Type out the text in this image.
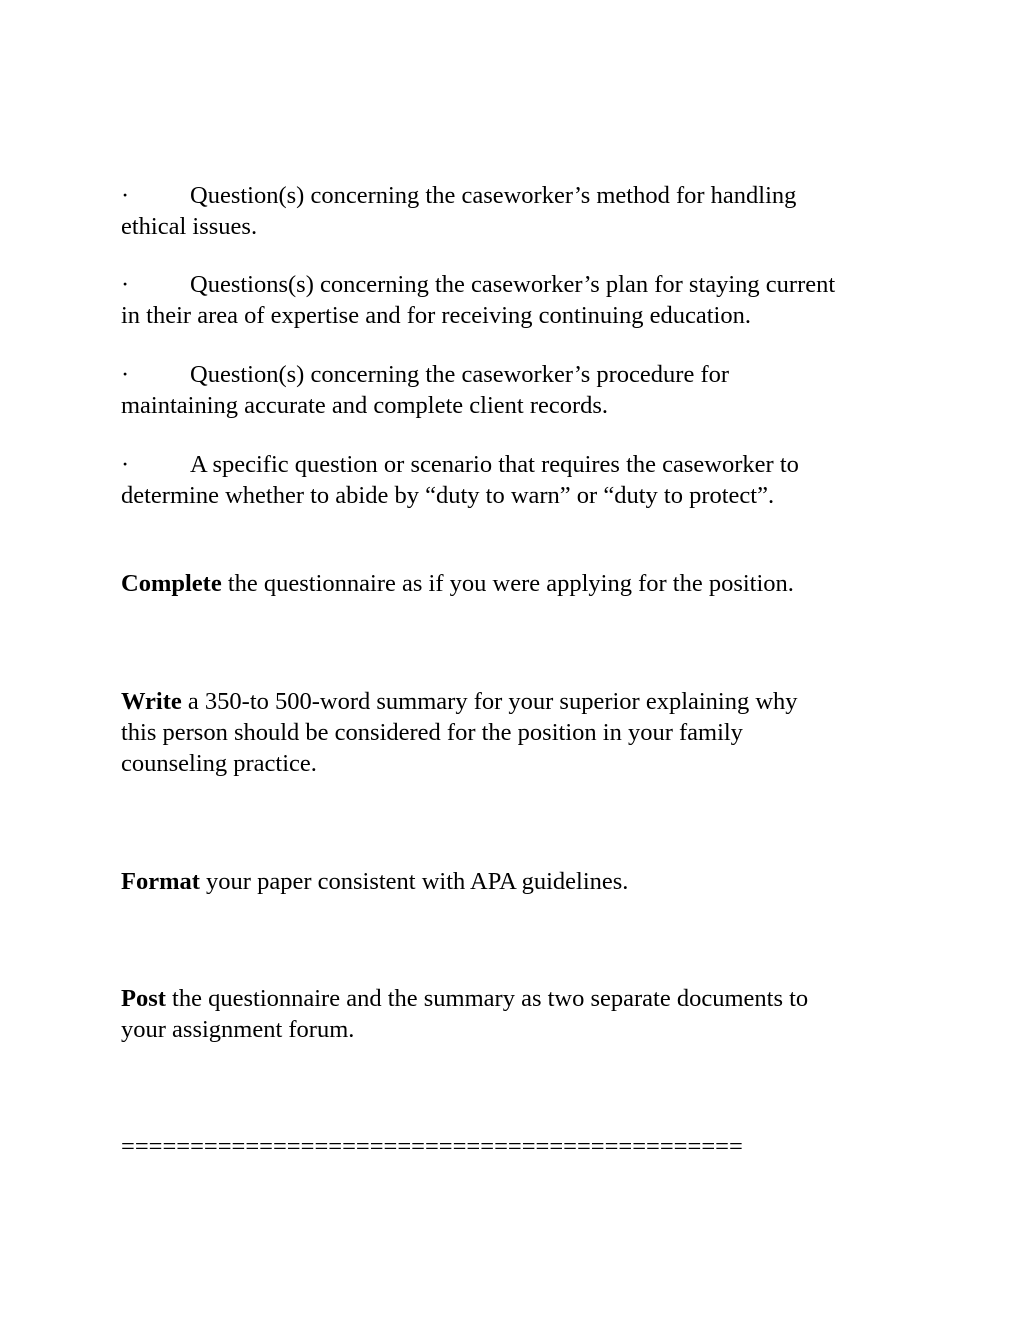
· Question(s) concerning the caseworker’s method for handling
ethical issues.

· Questions(s) concerning the caseworker’s plan for staying current
in their area of expertise and for receiving continuing education.

· Question(s) concerning the caseworker’s procedure for
maintaining accurate and complete client records.

· A specific question or scenario that requires the caseworker to
determine whether to abide by “duty to warn” or “duty to protect”.

Complete the questionnaire as if you were applying for the position.

Write a 350-to 500-word summary for your superior explaining why
this person should be considered for the position in your family
counseling practice.

Format your paper consistent with APA guidelines.

Post the questionnaire and the summary as two separate documents to
your assignment forum.

=============================================
